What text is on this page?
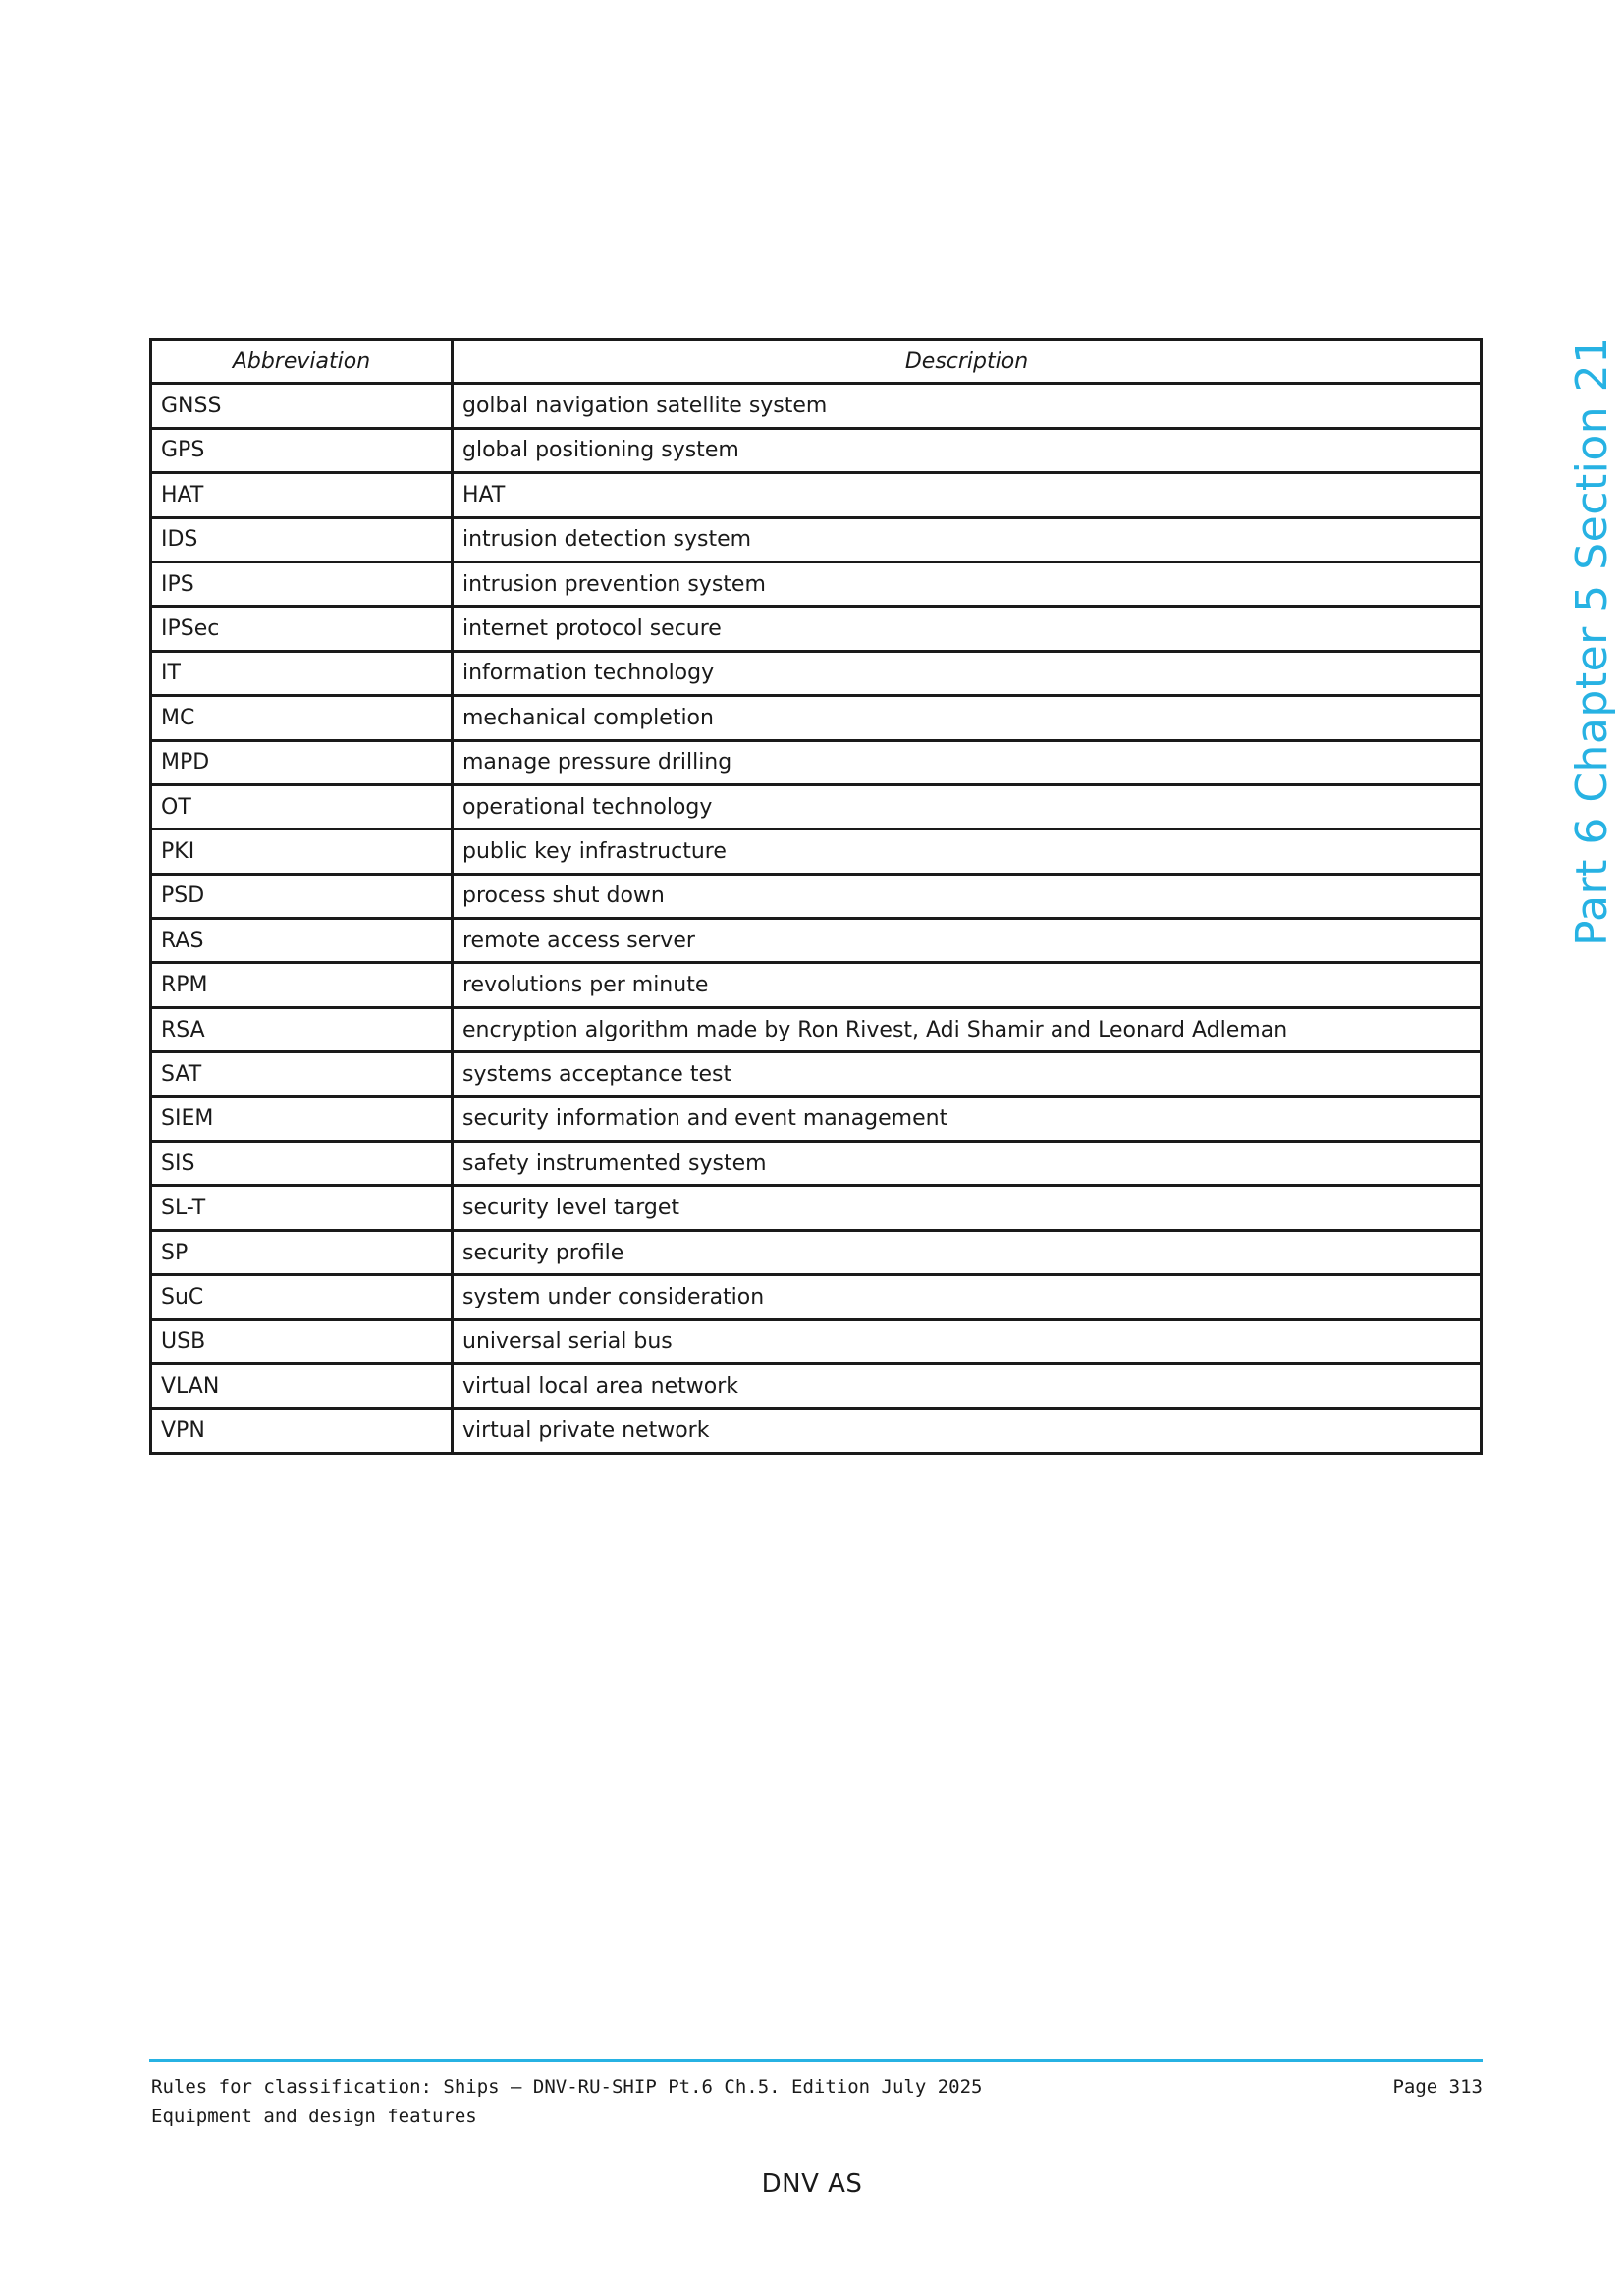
Abbreviation	Description
GNSS	golbal navigation satellite system
GPS	global positioning system
HAT	HAT
IDS	intrusion detection system
IPS	intrusion prevention system
IPSec	internet protocol secure
IT	information technology
MC	mechanical completion
MPD	manage pressure drilling
OT	operational technology
PKI	public key infrastructure
PSD	process shut down
RAS	remote access server
RPM	revolutions per minute
RSA	encryption algorithm made by Ron Rivest, Adi Shamir and Leonard Adleman
SAT	systems acceptance test
SIEM	security information and event management
SIS	safety instrumented system
SL-T	security level target
SP	security profile
SuC	system under consideration
USB	universal serial bus
VLAN	virtual local area network
VPN	virtual private network
Part 6 Chapter 5 Section 21
Rules for classification: Ships — DNV-RU-SHIP Pt.6 Ch.5. Edition July 2025
Equipment and design features
Page 313
DNV AS
